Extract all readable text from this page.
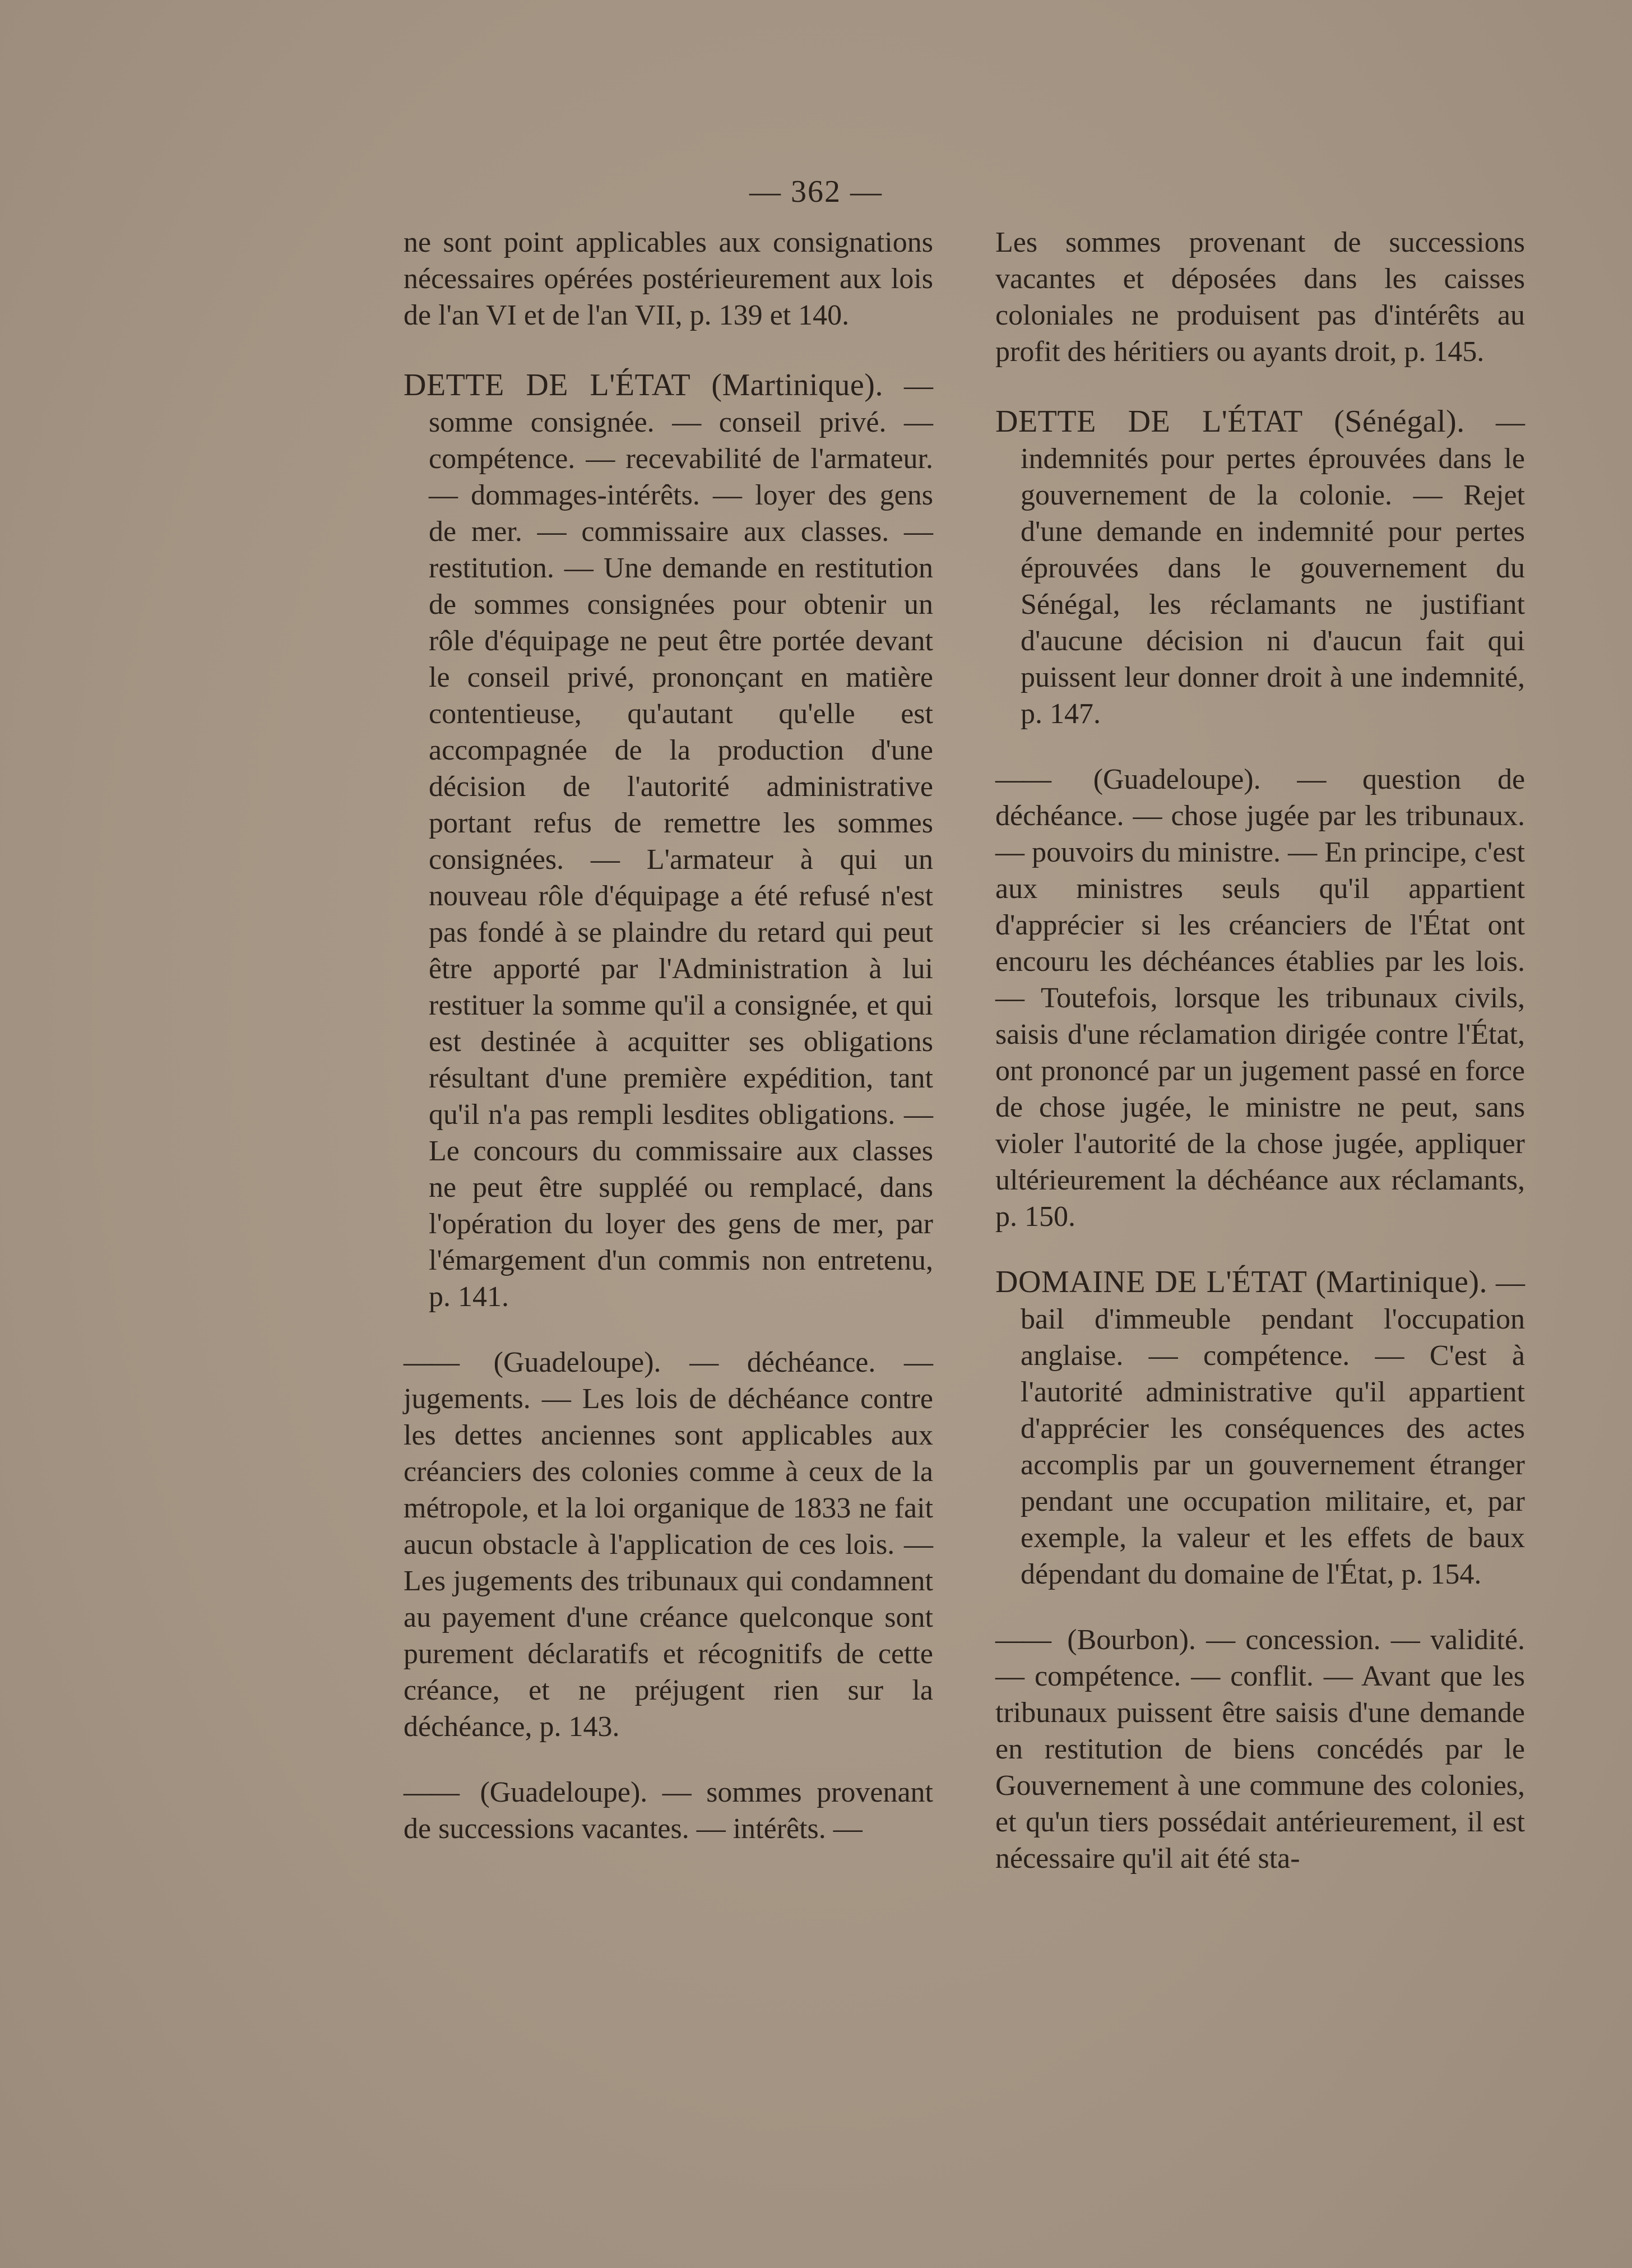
— 362 —

ne sont point applicables aux consignations nécessaires opérées postérieurement aux lois de l'an VI et de l'an VII, p. 139 et 140.

DETTE DE L'ÉTAT (Martinique). — somme consignée. — conseil privé. — compétence. — recevabilité de l'armateur. — dommages-intérêts. — loyer des gens de mer. — commissaire aux classes. — restitution. — Une demande en restitution de sommes consignées pour obtenir un rôle d'équipage ne peut être portée devant le conseil privé, prononçant en matière contentieuse, qu'autant qu'elle est accompagnée de la production d'une décision de l'autorité administrative portant refus de remettre les sommes consignées. — L'armateur à qui un nouveau rôle d'équipage a été refusé n'est pas fondé à se plaindre du retard qui peut être apporté par l'Administration à lui restituer la somme qu'il a consignée, et qui est destinée à acquitter ses obligations résultant d'une première expédition, tant qu'il n'a pas rempli lesdites obligations. — Le concours du commissaire aux classes ne peut être suppléé ou remplacé, dans l'opération du loyer des gens de mer, par l'émargement d'un commis non entretenu, p. 141.

—— (Guadeloupe). — déchéance. — jugements. — Les lois de déchéance contre les dettes anciennes sont applicables aux créanciers des colonies comme à ceux de la métropole, et la loi organique de 1833 ne fait aucun obstacle à l'application de ces lois. — Les jugements des tribunaux qui condamnent au payement d'une créance quelconque sont purement déclaratifs et récognitifs de cette créance, et ne préjugent rien sur la déchéance, p. 143.

—— (Guadeloupe). — sommes provenant de successions vacantes. — intérêts. —

Les sommes provenant de successions vacantes et déposées dans les caisses coloniales ne produisent pas d'intérêts au profit des héritiers ou ayants droit, p. 145.

DETTE DE L'ÉTAT (Sénégal). — indemnités pour pertes éprouvées dans le gouvernement de la colonie. — Rejet d'une demande en indemnité pour pertes éprouvées dans le gouvernement du Sénégal, les réclamants ne justifiant d'aucune décision ni d'aucun fait qui puissent leur donner droit à une indemnité, p. 147.

—— (Guadeloupe). — question de déchéance. — chose jugée par les tribunaux. — pouvoirs du ministre. — En principe, c'est aux ministres seuls qu'il appartient d'apprécier si les créanciers de l'État ont encouru les déchéances établies par les lois. — Toutefois, lorsque les tribunaux civils, saisis d'une réclamation dirigée contre l'État, ont prononcé par un jugement passé en force de chose jugée, le ministre ne peut, sans violer l'autorité de la chose jugée, appliquer ultérieurement la déchéance aux réclamants, p. 150.

DOMAINE DE L'ÉTAT (Martinique). — bail d'immeuble pendant l'occupation anglaise. — compétence. — C'est à l'autorité administrative qu'il appartient d'apprécier les conséquences des actes accomplis par un gouvernement étranger pendant une occupation militaire, et, par exemple, la valeur et les effets de baux dépendant du domaine de l'État, p. 154.

—— (Bourbon). — concession. — validité. — compétence. — conflit. — Avant que les tribunaux puissent être saisis d'une demande en restitution de biens concédés par le Gouvernement à une commune des colonies, et qu'un tiers possédait antérieurement, il est nécessaire qu'il ait été sta-
